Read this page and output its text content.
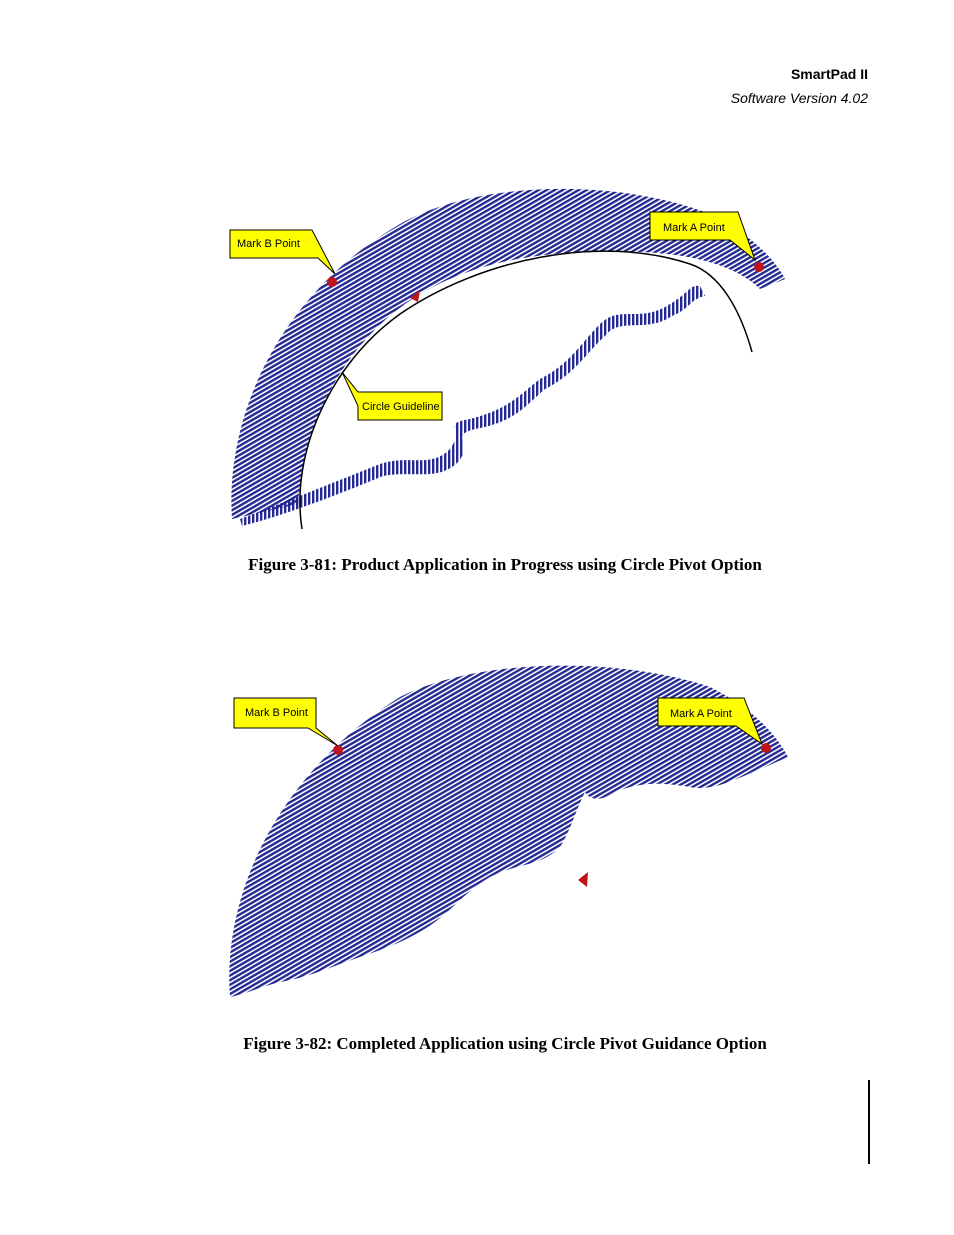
SmartPad II
Software Version 4.02
Mark B Point
Mark A Point
Circle Guideline
Figure 3-81: Product Application in Progress using Circle Pivot Option
Mark B Point	Mark A Point
Figure 3-82: Completed Application using Circle Pivot Guidance Option
